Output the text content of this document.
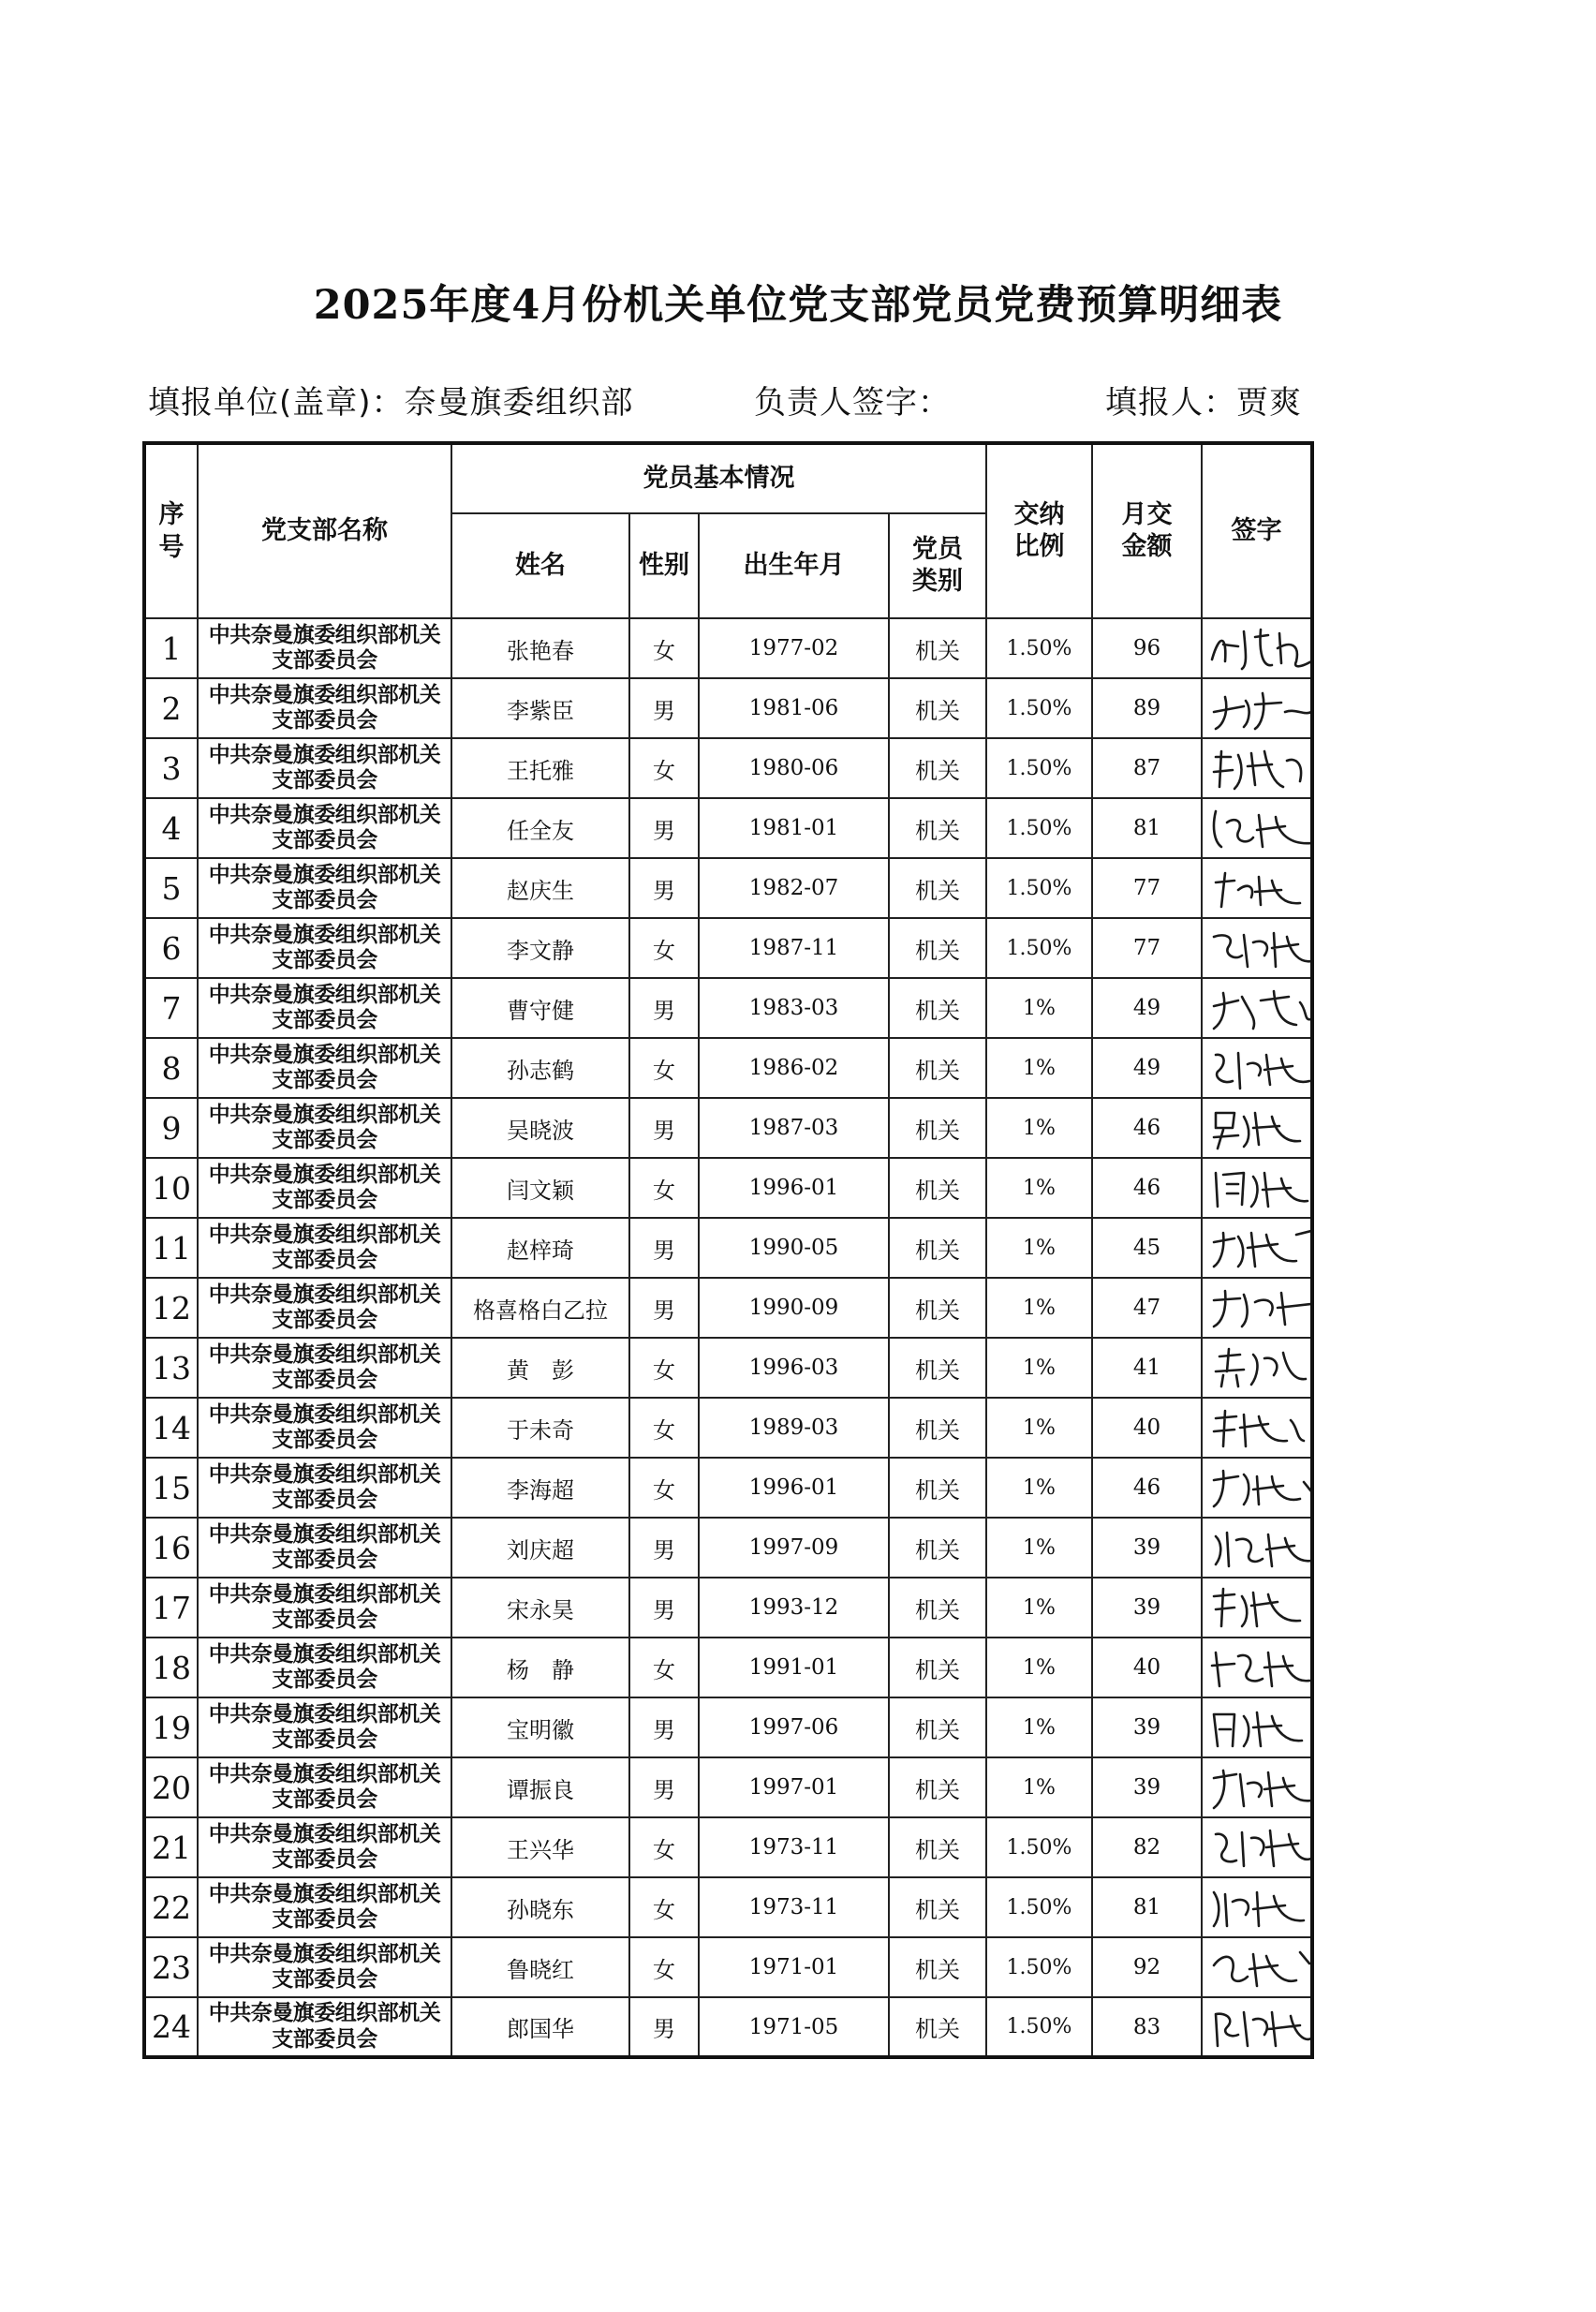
2025年度4月份机关单位党支部党员党费预算明细表
填报单位(盖章)：奈曼旗委组织部	负责人签字：	填报人：贾爽
序号	党支部名称	党员基本情况				交纳比例	月交金额	签字
		姓名	性别	出生年月	党员类别			
1	中共奈曼旗委组织部机关支部委员会	张艳春	女	1977-02	机关	1.50%	96	

2	中共奈曼旗委组织部机关支部委员会	李紫臣	男	1981-06	机关	1.50%	89	

3	中共奈曼旗委组织部机关支部委员会	王托雅	女	1980-06	机关	1.50%	87	

4	中共奈曼旗委组织部机关支部委员会	任全友	男	1981-01	机关	1.50%	81	

5	中共奈曼旗委组织部机关支部委员会	赵庆生	男	1982-07	机关	1.50%	77	

6	中共奈曼旗委组织部机关支部委员会	李文静	女	1987-11	机关	1.50%	77	

7	中共奈曼旗委组织部机关支部委员会	曹守健	男	1983-03	机关	1%	49	

8	中共奈曼旗委组织部机关支部委员会	孙志鹤	女	1986-02	机关	1%	49	

9	中共奈曼旗委组织部机关支部委员会	吴晓波	男	1987-03	机关	1%	46	

10	中共奈曼旗委组织部机关支部委员会	闫文颖	女	1996-01	机关	1%	46	

11	中共奈曼旗委组织部机关支部委员会	赵梓琦	男	1990-05	机关	1%	45	

12	中共奈曼旗委组织部机关支部委员会	格喜格白乙拉	男	1990-09	机关	1%	47	

13	中共奈曼旗委组织部机关支部委员会	黄　彭	女	1996-03	机关	1%	41	

14	中共奈曼旗委组织部机关支部委员会	于未奇	女	1989-03	机关	1%	40	

15	中共奈曼旗委组织部机关支部委员会	李海超	女	1996-01	机关	1%	46	

16	中共奈曼旗委组织部机关支部委员会	刘庆超	男	1997-09	机关	1%	39	

17	中共奈曼旗委组织部机关支部委员会	宋永昊	男	1993-12	机关	1%	39	

18	中共奈曼旗委组织部机关支部委员会	杨　静	女	1991-01	机关	1%	40	

19	中共奈曼旗委组织部机关支部委员会	宝明徽	男	1997-06	机关	1%	39	

20	中共奈曼旗委组织部机关支部委员会	谭振良	男	1997-01	机关	1%	39	

21	中共奈曼旗委组织部机关支部委员会	王兴华	女	1973-11	机关	1.50%	82	

22	中共奈曼旗委组织部机关支部委员会	孙晓东	女	1973-11	机关	1.50%	81	

23	中共奈曼旗委组织部机关支部委员会	鲁晓红	女	1971-01	机关	1.50%	92	

24	中共奈曼旗委组织部机关支部委员会	郎国华	男	1971-05	机关	1.50%	83	
